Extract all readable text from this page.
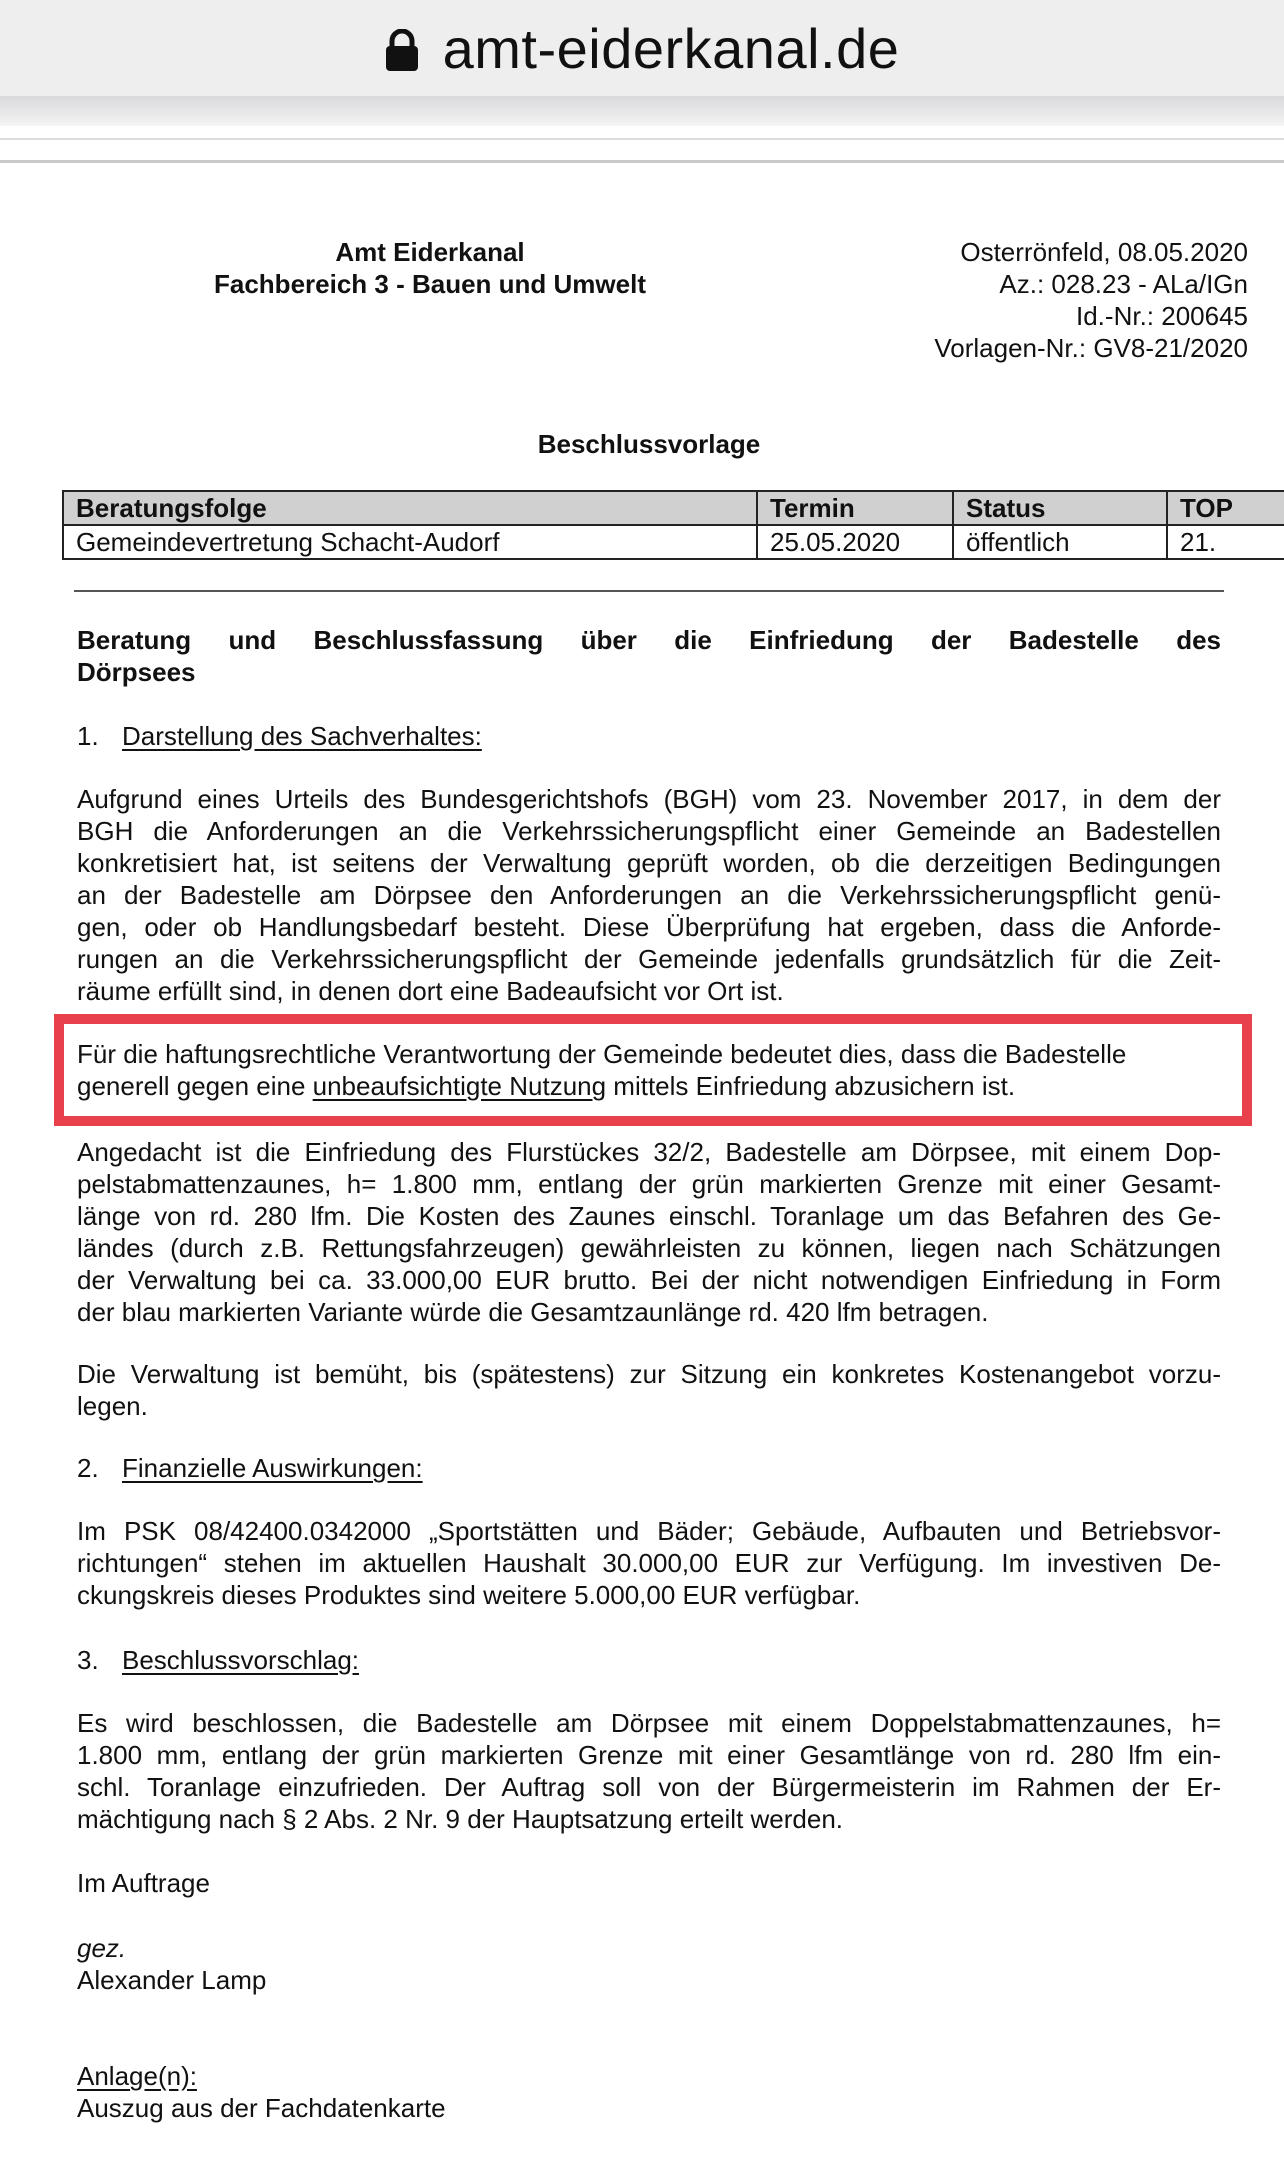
amt-eiderkanal.de
Amt Eiderkanal
Fachbereich 3 - Bauen und Umwelt
Osterrönfeld, 08.05.2020
Az.: 028.23 - ALa/IGn
Id.-Nr.: 200645
Vorlagen-Nr.: GV8-21/2020
Beschlussvorlage
Beratungsfolge	Termin	Status	TOP
Gemeindevertretung Schacht-Audorf	25.05.2020	öffentlich	21.
Beratung und Beschlussfassung über die Einfriedung der Badestelle des
Dörpsees
1. Darstellung des Sachverhaltes:
Aufgrund eines Urteils des Bundesgerichtshofs (BGH) vom 23. November 2017, in dem der
BGH die Anforderungen an die Verkehrssicherungspflicht einer Gemeinde an Badestellen
konkretisiert hat, ist seitens der Verwaltung geprüft worden, ob die derzeitigen Bedingungen
an der Badestelle am Dörpsee den Anforderungen an die Verkehrssicherungspflicht genü-
gen, oder ob Handlungsbedarf besteht. Diese Überprüfung hat ergeben, dass die Anforde-
rungen an die Verkehrssicherungspflicht der Gemeinde jedenfalls grundsätzlich für die Zeit-
räume erfüllt sind, in denen dort eine Badeaufsicht vor Ort ist.
Für die haftungsrechtliche Verantwortung der Gemeinde bedeutet dies, dass die Badestelle
generell gegen eine unbeaufsichtigte Nutzung mittels Einfriedung abzusichern ist.
Angedacht ist die Einfriedung des Flurstückes 32/2, Badestelle am Dörpsee, mit einem Dop-
pelstabmattenzaunes, h= 1.800 mm, entlang der grün markierten Grenze mit einer Gesamt-
länge von rd. 280 lfm. Die Kosten des Zaunes einschl. Toranlage um das Befahren des Ge-
ländes (durch z.B. Rettungsfahrzeugen) gewährleisten zu können, liegen nach Schätzungen
der Verwaltung bei ca. 33.000,00 EUR brutto. Bei der nicht notwendigen Einfriedung in Form
der blau markierten Variante würde die Gesamtzaunlänge rd. 420 lfm betragen.
Die Verwaltung ist bemüht, bis (spätestens) zur Sitzung ein konkretes Kostenangebot vorzu-
legen.
2. Finanzielle Auswirkungen:
Im PSK 08/42400.0342000 „Sportstätten und Bäder; Gebäude, Aufbauten und Betriebsvor-
richtungen“ stehen im aktuellen Haushalt 30.000,00 EUR zur Verfügung. Im investiven De-
ckungskreis dieses Produktes sind weitere 5.000,00 EUR verfügbar.
3. Beschlussvorschlag:
Es wird beschlossen, die Badestelle am Dörpsee mit einem Doppelstabmattenzaunes, h=
1.800 mm, entlang der grün markierten Grenze mit einer Gesamtlänge von rd. 280 lfm ein-
schl. Toranlage einzufrieden. Der Auftrag soll von der Bürgermeisterin im Rahmen der Er-
mächtigung nach § 2 Abs. 2 Nr. 9 der Hauptsatzung erteilt werden.
Im Auftrage
gez.
Alexander Lamp
Anlage(n):
Auszug aus der Fachdatenkarte
